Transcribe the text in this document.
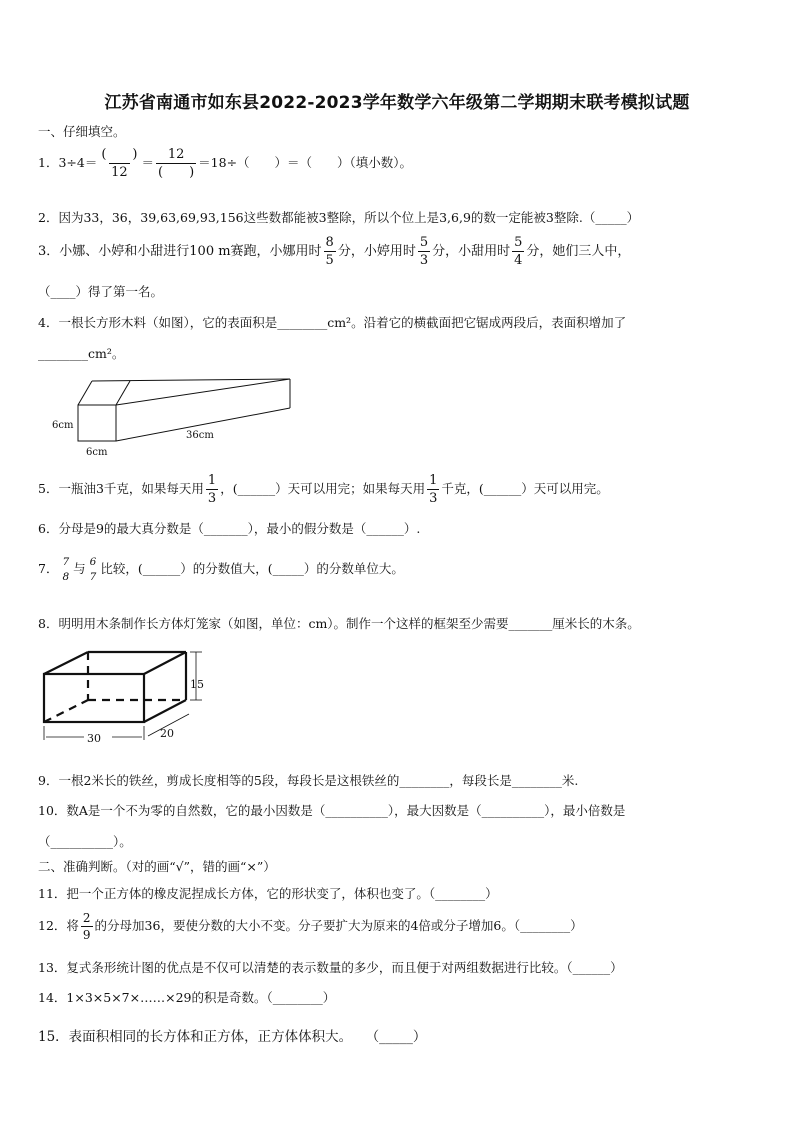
江苏省南通市如东县2022-2023学年数学六年级第二学期期末联考模拟试题
一、仔细填空。
1．$3\div 4= \frac{( )}{12} = \frac{12}{( )} =18\div$（　　）＝（　　）（填小数）。
2．因为33，36，39,63,69,93,156这些数都能被3整除，所以个位上是3,6,9的数一定能被3整除.（_____）
3．小娜、小婷和小甜进行100 m赛跑，小娜用时 $\frac{8}{5}$ 分，小婷用时 $\frac{5}{3}$ 分，小甜用时 $\frac{5}{4}$ 分，她们三人中，
（____）得了第一名。
4．一根长方形木料（如图），它的表面积是________cm²。沿着它的横截面把它锯成两段后，表面积增加了
________cm²。
6cm
6cm
36cm
5．一瓶油3千克，如果每天用 $\frac{1}{3}$ ，(______）天可以用完；如果每天用 $\frac{1}{3}$ 千克，(______）天可以用完。
6．分母是9的最大真分数是（_______），最小的假分数是（______）.
7． 7
8
与 6
7
比较，(______）的分数值大，(_____）的分数单位大。
8．明明用木条制作长方体灯笼家（如图，单位：cm）。制作一个这样的框架至少需要_______厘米长的木条。
30	20
15
9．一根2米长的铁丝，剪成长度相等的5段，每段长是这根铁丝的________，每段长是________米.
10．数A是一个不为零的自然数，它的最小因数是（__________），最大因数是（__________），最小倍数是
（__________）。
二、准确判断。（对的画“√”，错的画“×”）
11．把一个正方体的橡皮泥捏成长方体，它的形状变了，体积也变了。（________）
12．将 $\frac{2}{9}$ 的分母加36，要使分数的大小不变。分子要扩大为原来的4倍或分子增加6。（________）
13．复式条形统计图的优点是不仅可以清楚的表示数量的多少，而且便于对两组数据进行比较。（______）
14．1×3×5×7×……×29的积是奇数。（________）
15．表面积相同的长方体和正方体，正方体体积大。　　（_____）
